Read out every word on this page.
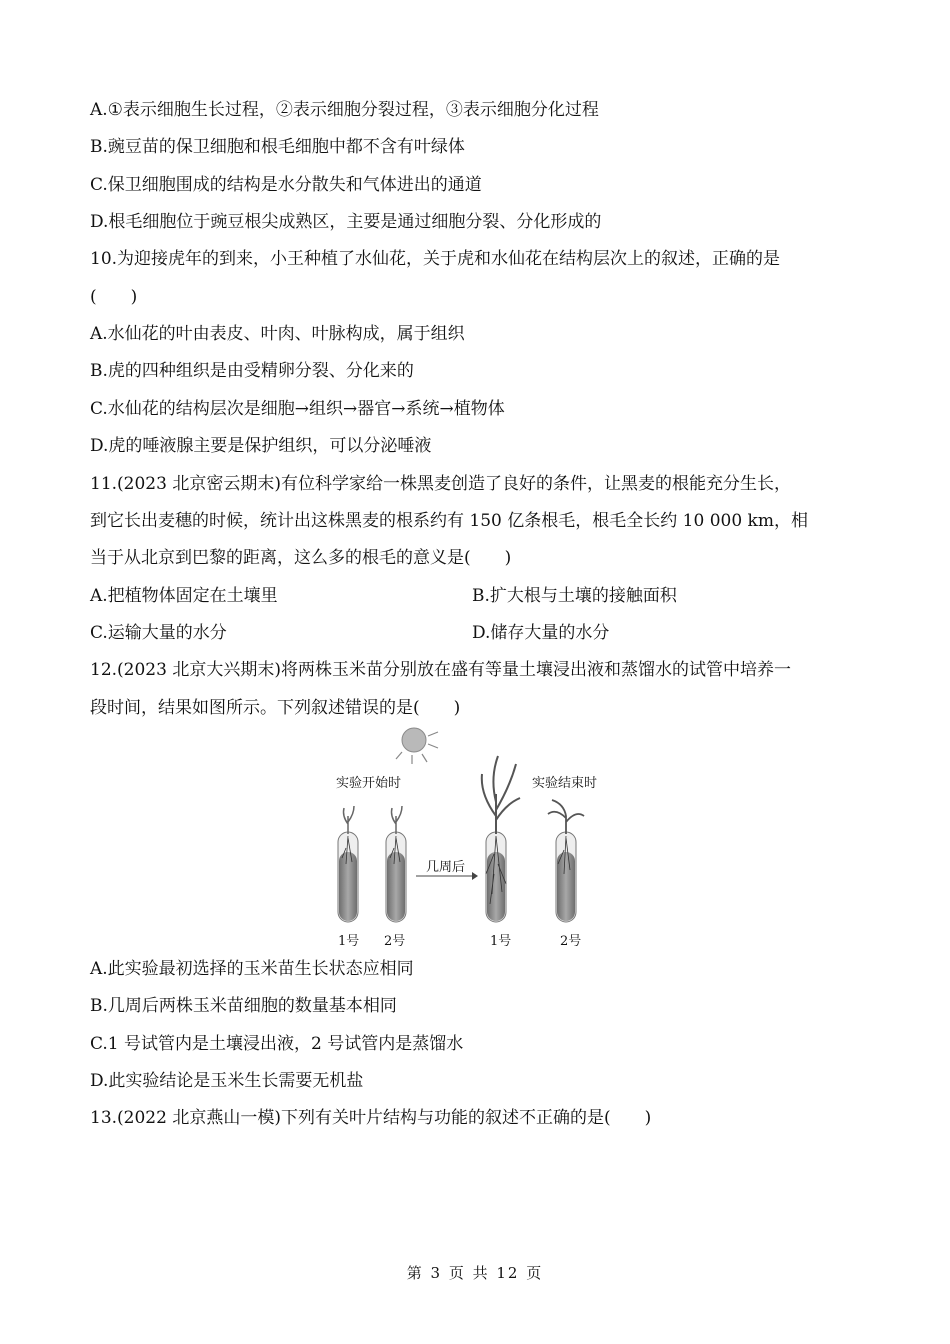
A.①表示细胞生长过程，②表示细胞分裂过程，③表示细胞分化过程
B.豌豆苗的保卫细胞和根毛细胞中都不含有叶绿体
C.保卫细胞围成的结构是水分散失和气体进出的通道
D.根毛细胞位于豌豆根尖成熟区，主要是通过细胞分裂、分化形成的
10.为迎接虎年的到来，小王种植了水仙花，关于虎和水仙花在结构层次上的叙述，正确的是
(　　)
A.水仙花的叶由表皮、叶肉、叶脉构成，属于组织
B.虎的四种组织是由受精卵分裂、分化来的
C.水仙花的结构层次是细胞→组织→器官→系统→植物体
D.虎的唾液腺主要是保护组织，可以分泌唾液
11.(2023 北京密云期末)有位科学家给一株黑麦创造了良好的条件，让黑麦的根能充分生长，
到它长出麦穗的时候，统计出这株黑麦的根系约有 150 亿条根毛，根毛全长约 10 000 km，相
当于从北京到巴黎的距离，这么多的根毛的意义是(　　)
A.把植物体固定在土壤里	B.扩大根与土壤的接触面积
C.运输大量的水分	D.储存大量的水分
12.(2023 北京大兴期末)将两株玉米苗分别放在盛有等量土壤浸出液和蒸馏水的试管中培养一
段时间，结果如图所示。下列叙述错误的是(　　)
实验开始时	实验结束时
几周后
1号 2号	1号	2号
A.此实验最初选择的玉米苗生长状态应相同
B.几周后两株玉米苗细胞的数量基本相同
C.1 号试管内是土壤浸出液，2 号试管内是蒸馏水
D.此实验结论是玉米生长需要无机盐
13.(2022 北京燕山一模)下列有关叶片结构与功能的叙述不正确的是(　　)
第 3 页 共 12 页
